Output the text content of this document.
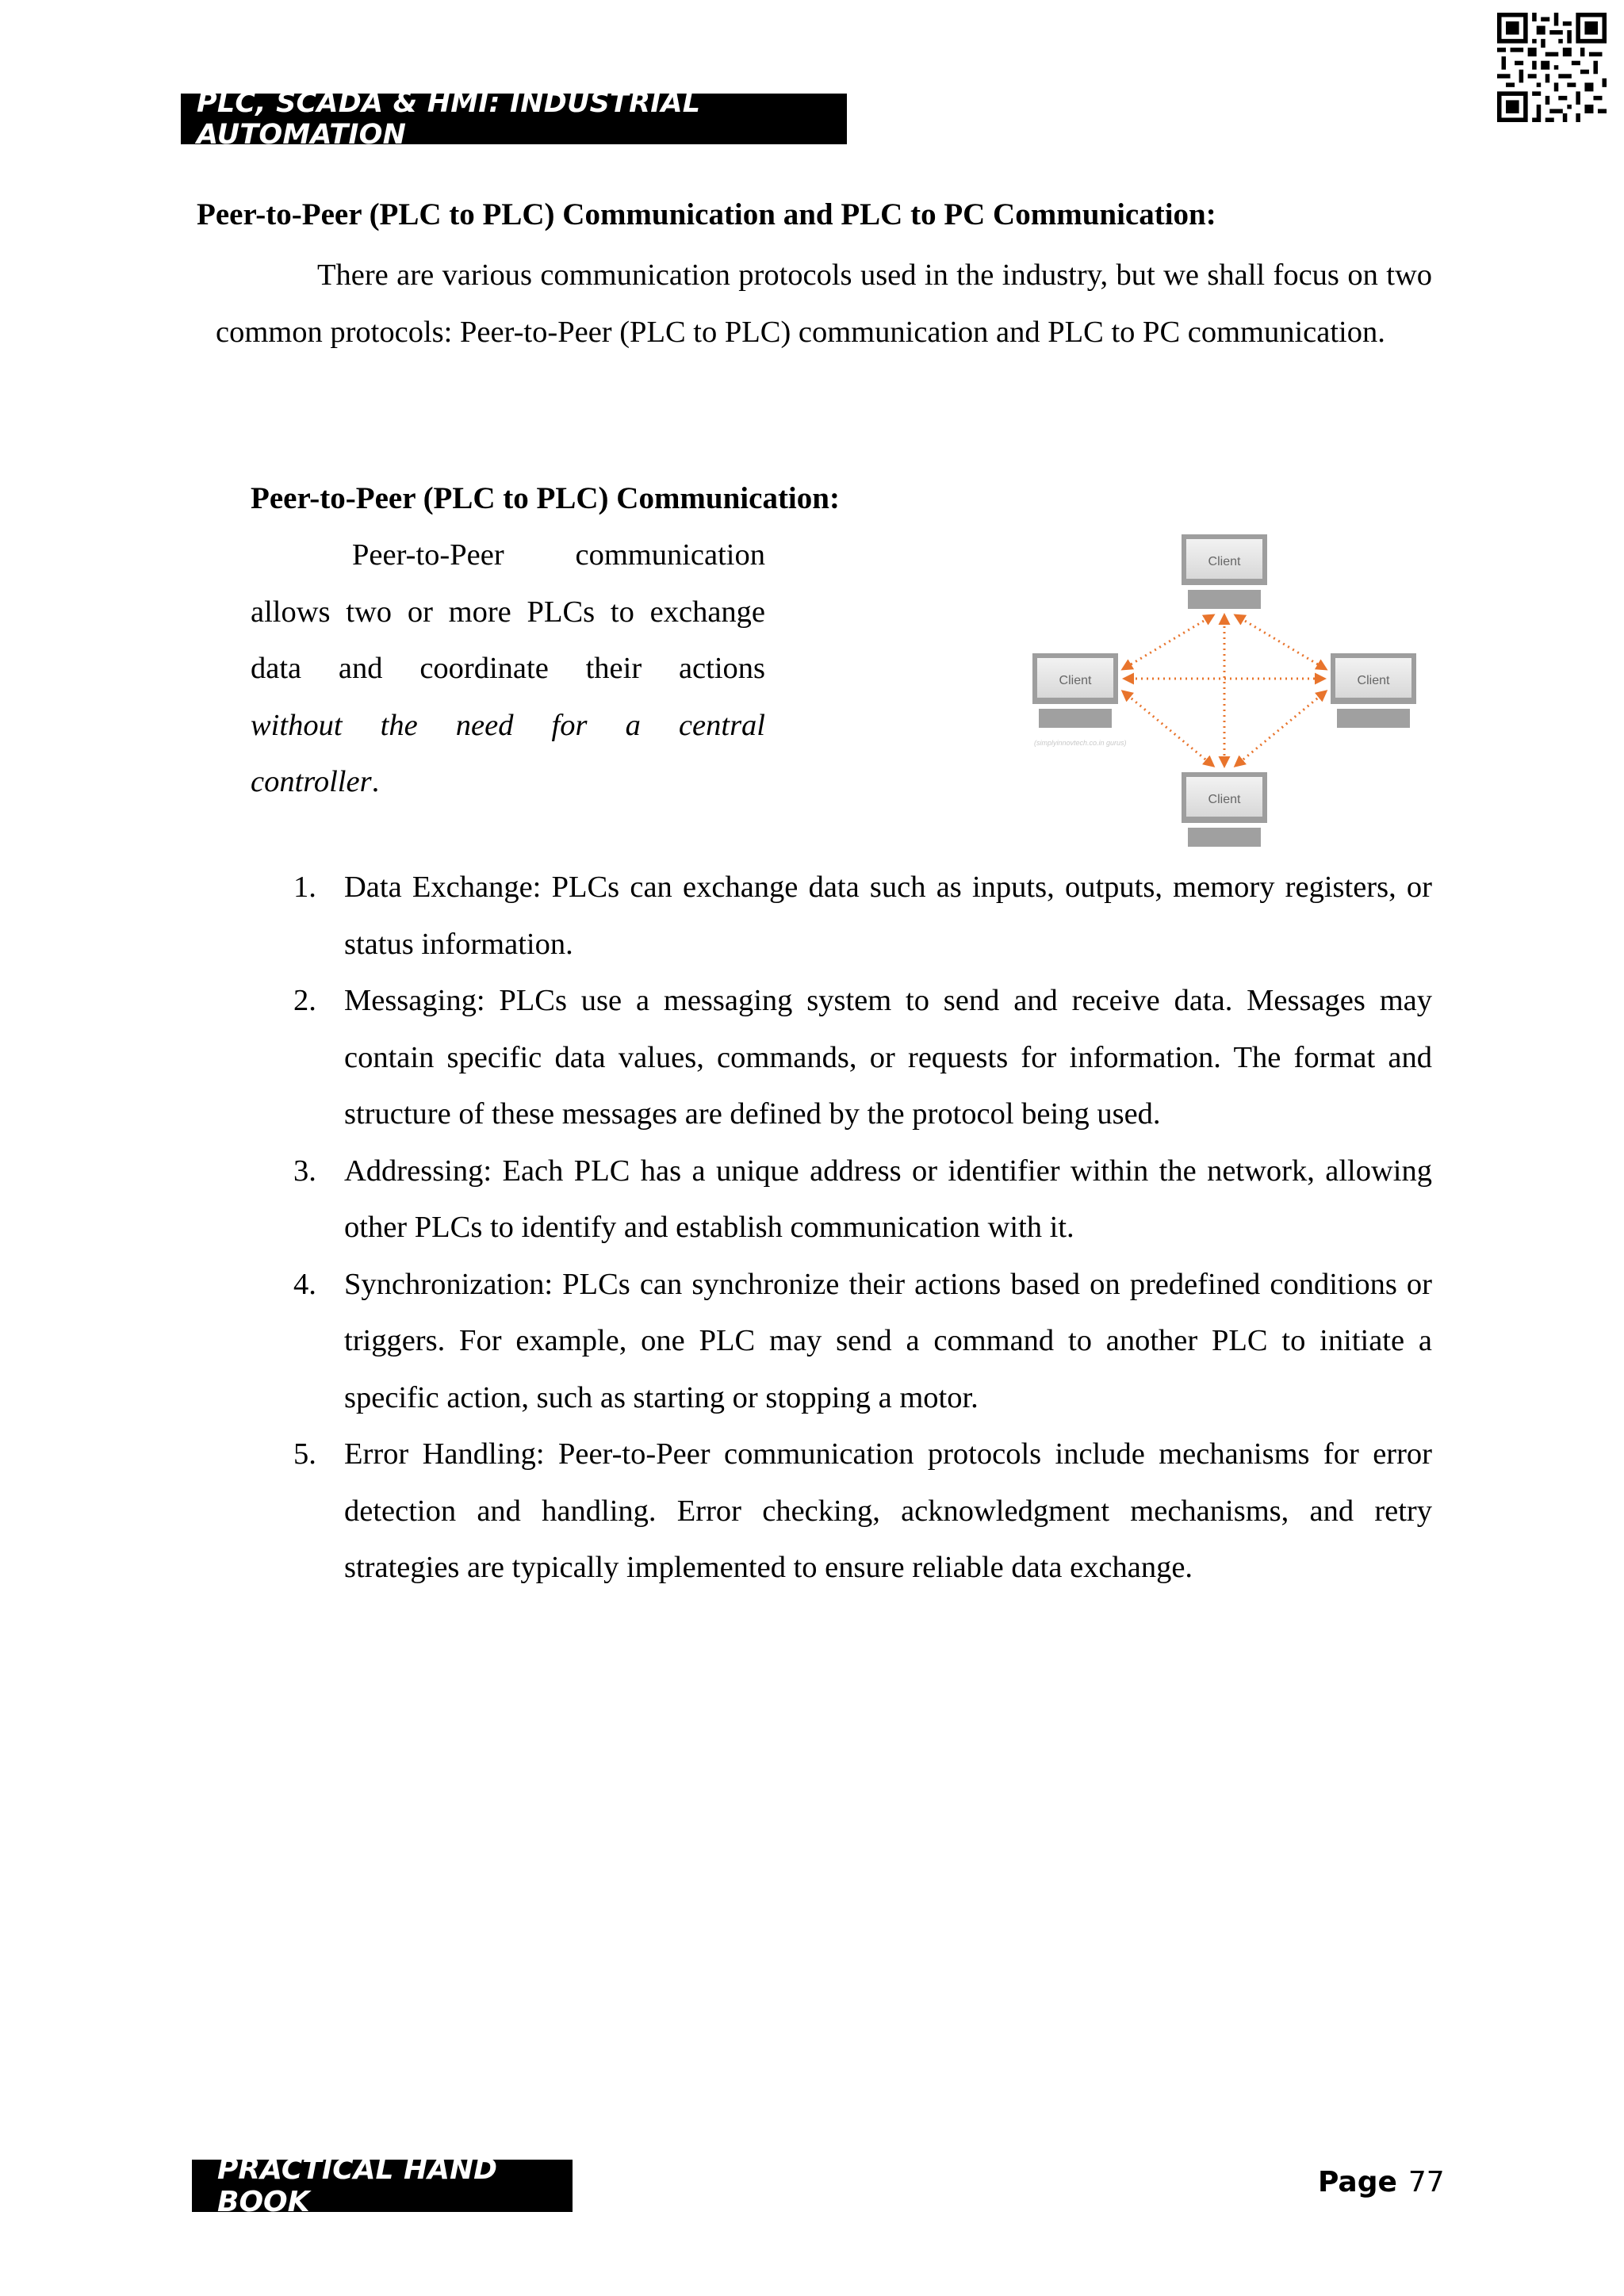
PLC, SCADA & HMI: INDUSTRIAL AUTOMATION
Peer-to-Peer (PLC to PLC) Communication and PLC to PC Communication:
There are various communication protocols used in the industry, but we shall focus on two common protocols: Peer-to-Peer (PLC to PLC) communication and PLC to PC communication.
Peer-to-Peer (PLC to PLC) Communication:
Peer-to-Peer communication
allows two or more PLCs to exchange
data and coordinate their actions
without the need for a central
controller.
Client
Client	Client
Client
(simplyinnovtech.co.in gurus)
1. Data Exchange: PLCs can exchange data such as inputs, outputs, memory registers, or status information.
2. Messaging: PLCs use a messaging system to send and receive data. Messages may contain specific data values, commands, or requests for information. The format and structure of these messages are defined by the protocol being used.
3. Addressing: Each PLC has a unique address or identifier within the network, allowing other PLCs to identify and establish communication with it.
4. Synchronization: PLCs can synchronize their actions based on predefined conditions or triggers. For example, one PLC may send a command to another PLC to initiate a specific action, such as starting or stopping a motor.
5. Error Handling: Peer-to-Peer communication protocols include mechanisms for error detection and handling. Error checking, acknowledgment mechanisms, and retry strategies are typically implemented to ensure reliable data exchange.
PRACTICAL HAND BOOK
Page 77
